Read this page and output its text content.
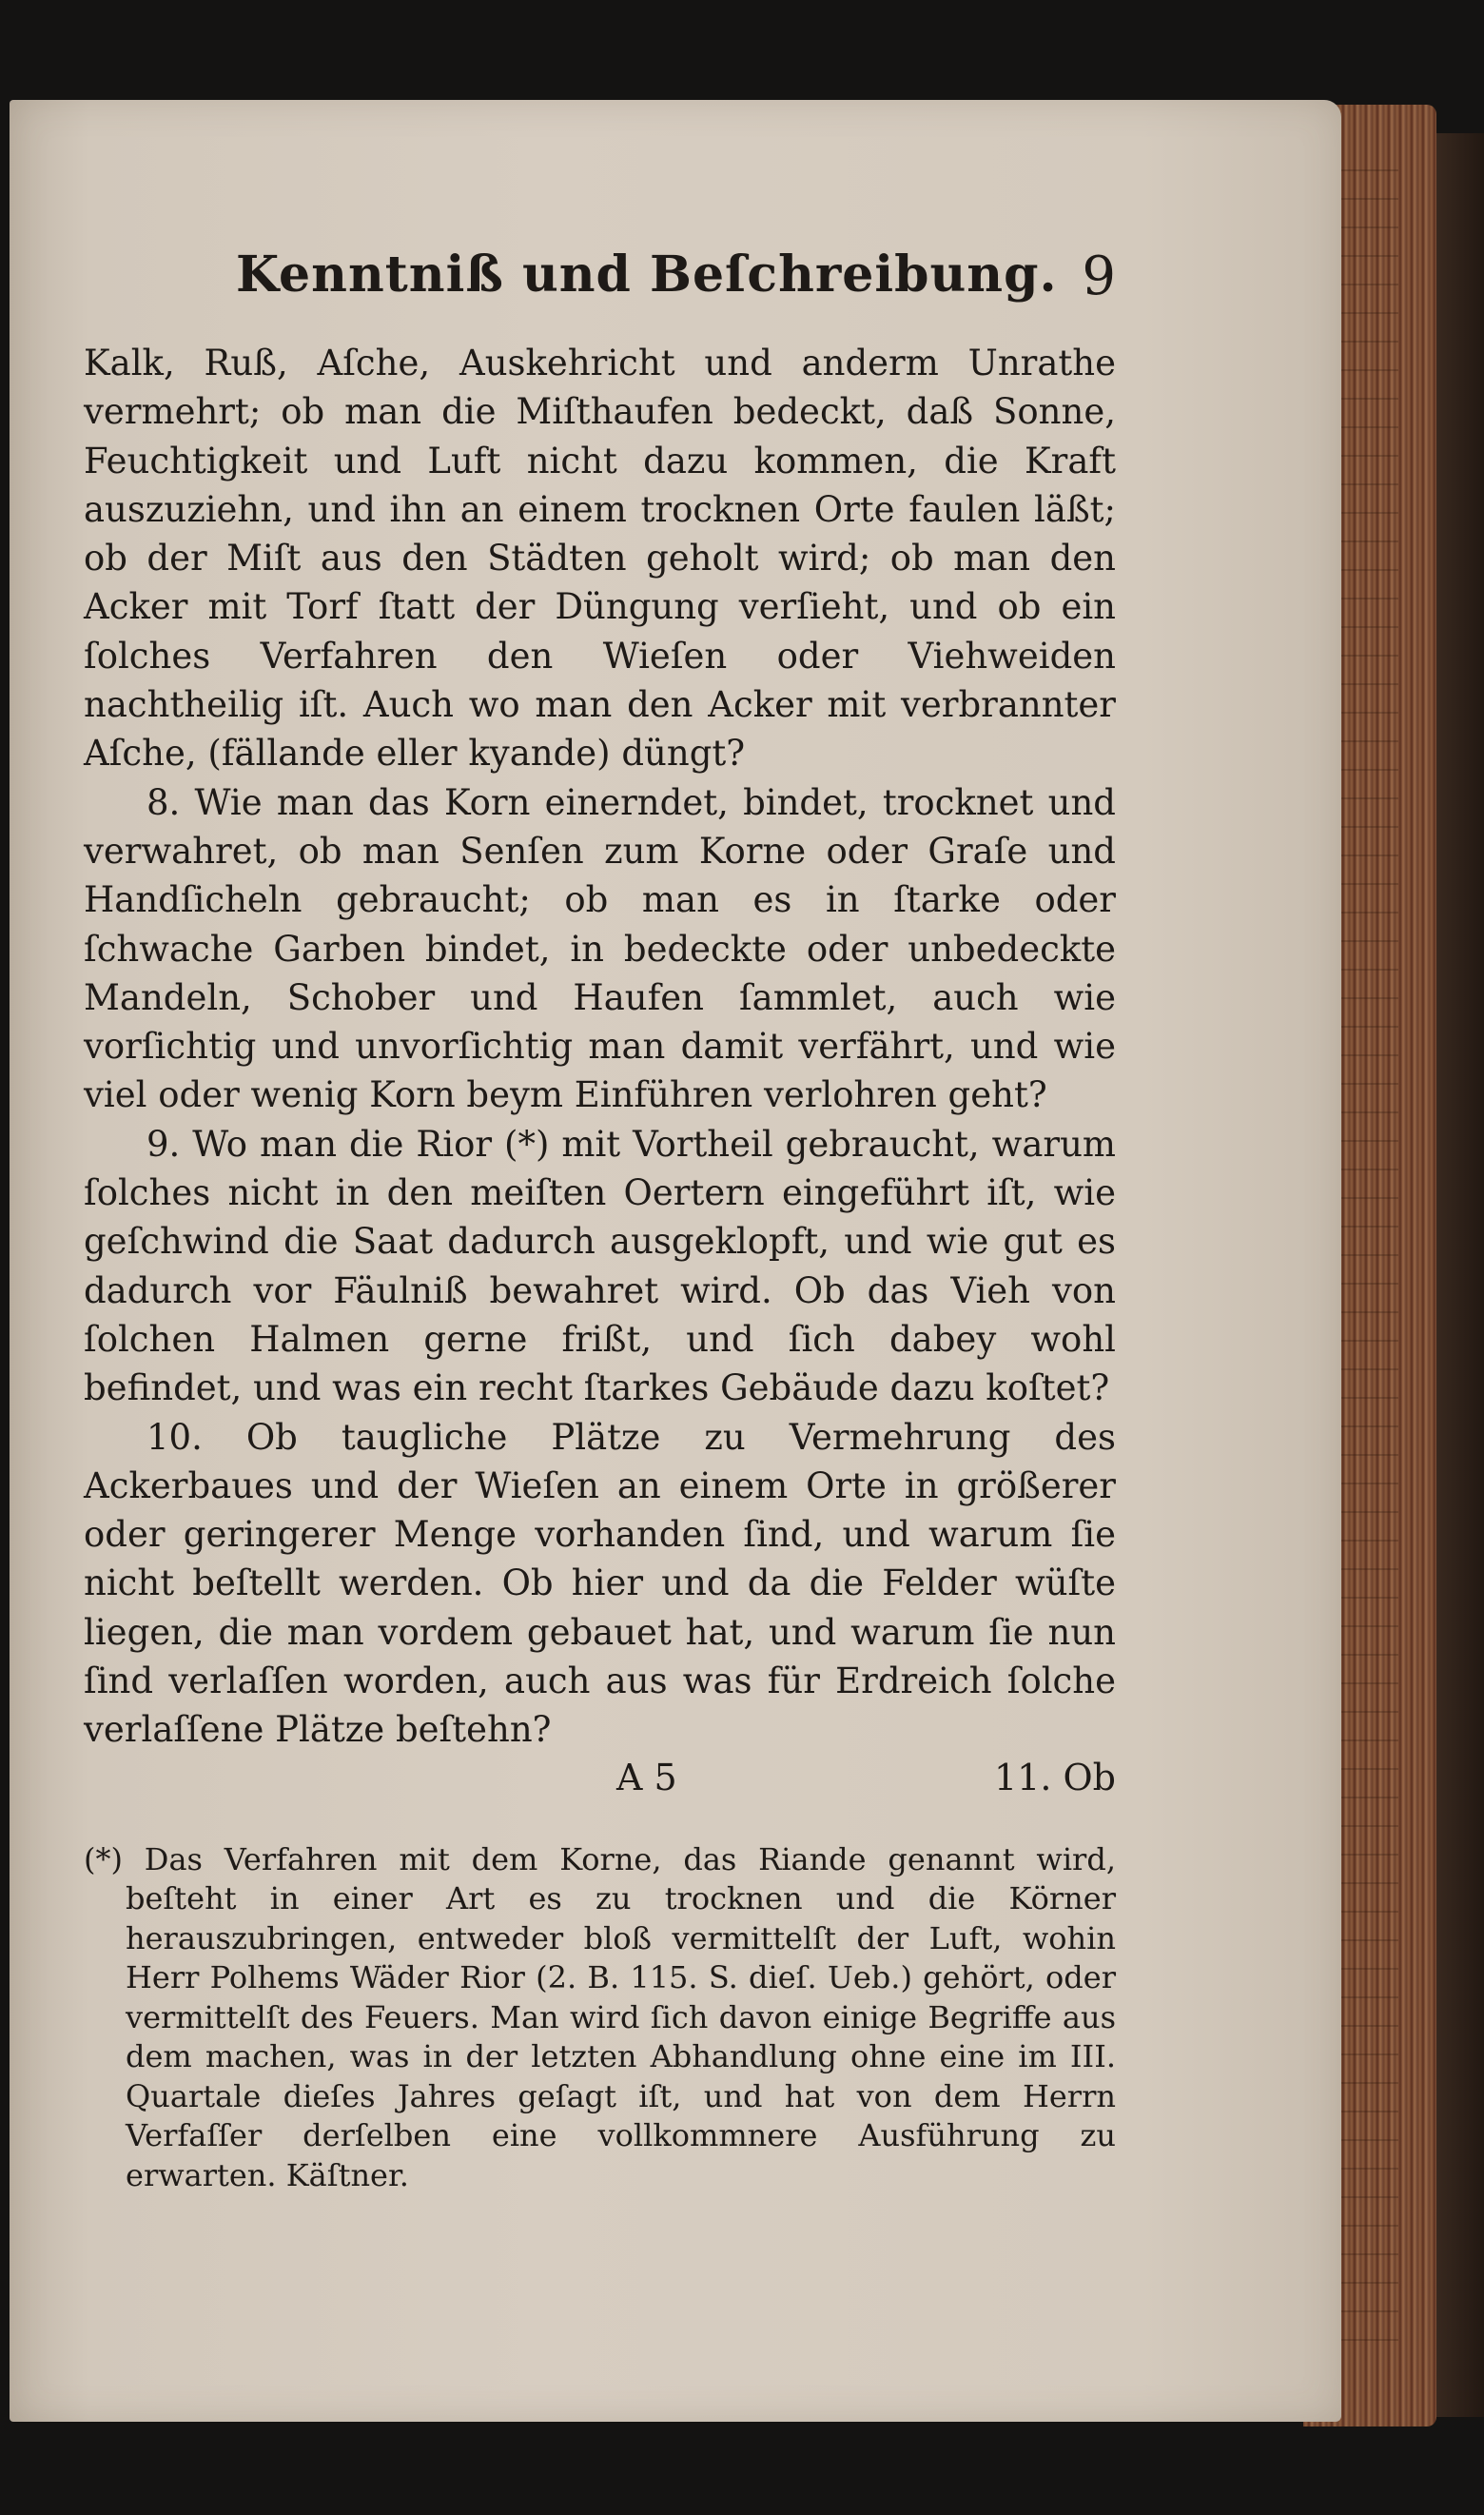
Kenntniß und Beſchreibung. 9

Kalk, Ruß, Aſche, Auskehricht und anderm Unrathe vermehrt; ob man die Miſthaufen bedeckt, daß Sonne, Feuchtigkeit und Luft nicht dazu kommen, die Kraft auszuziehn, und ihn an einem trocknen Orte faulen läßt; ob der Miſt aus den Städten geholt wird; ob man den Acker mit Torf ſtatt der Düngung verſieht, und ob ein ſolches Verfahren den Wieſen oder Viehweiden nachtheilig iſt. Auch wo man den Acker mit verbrannter Aſche, (fällande eller kyande) düngt?

8. Wie man das Korn einerndet, bindet, trocknet und verwahret, ob man Senſen zum Korne oder Graſe und Handſicheln gebraucht; ob man es in ſtarke oder ſchwache Garben bindet, in bedeckte oder unbedeckte Mandeln, Schober und Haufen ſammlet, auch wie vorſichtig und unvorſichtig man damit verfährt, und wie viel oder wenig Korn beym Einführen verlohren geht?

9. Wo man die Rior (*) mit Vortheil gebraucht, warum ſolches nicht in den meiſten Oertern eingeführt iſt, wie geſchwind die Saat dadurch ausgeklopft, und wie gut es dadurch vor Fäulniß bewahret wird. Ob das Vieh von ſolchen Halmen gerne frißt, und ſich dabey wohl befindet, und was ein recht ſtarkes Gebäude dazu koſtet?

10. Ob taugliche Plätze zu Vermehrung des Ackerbaues und der Wieſen an einem Orte in größerer oder geringerer Menge vorhanden ſind, und warum ſie nicht beſtellt werden. Ob hier und da die Felder wüſte liegen, die man vordem gebauet hat, und warum ſie nun ſind verlaſſen worden, auch aus was für Erdreich ſolche verlaſſene Plätze beſtehn?

A 5	11. Ob

(*) Das Verfahren mit dem Korne, das Riande genannt wird, beſteht in einer Art es zu trocknen und die Körner herauszubringen, entweder bloß vermittelſt der Luft, wohin Herr Polhems Wäder Rior (2. B. 115. S. dieſ. Ueb.) gehört, oder vermittelſt des Feuers. Man wird ſich davon einige Begriffe aus dem machen, was in der letzten Abhandlung ohne eine im III. Quartale dieſes Jahres geſagt iſt, und hat von dem Herrn Verfaſſer derſelben eine vollkommnere Ausführung zu erwarten. Käſtner.
